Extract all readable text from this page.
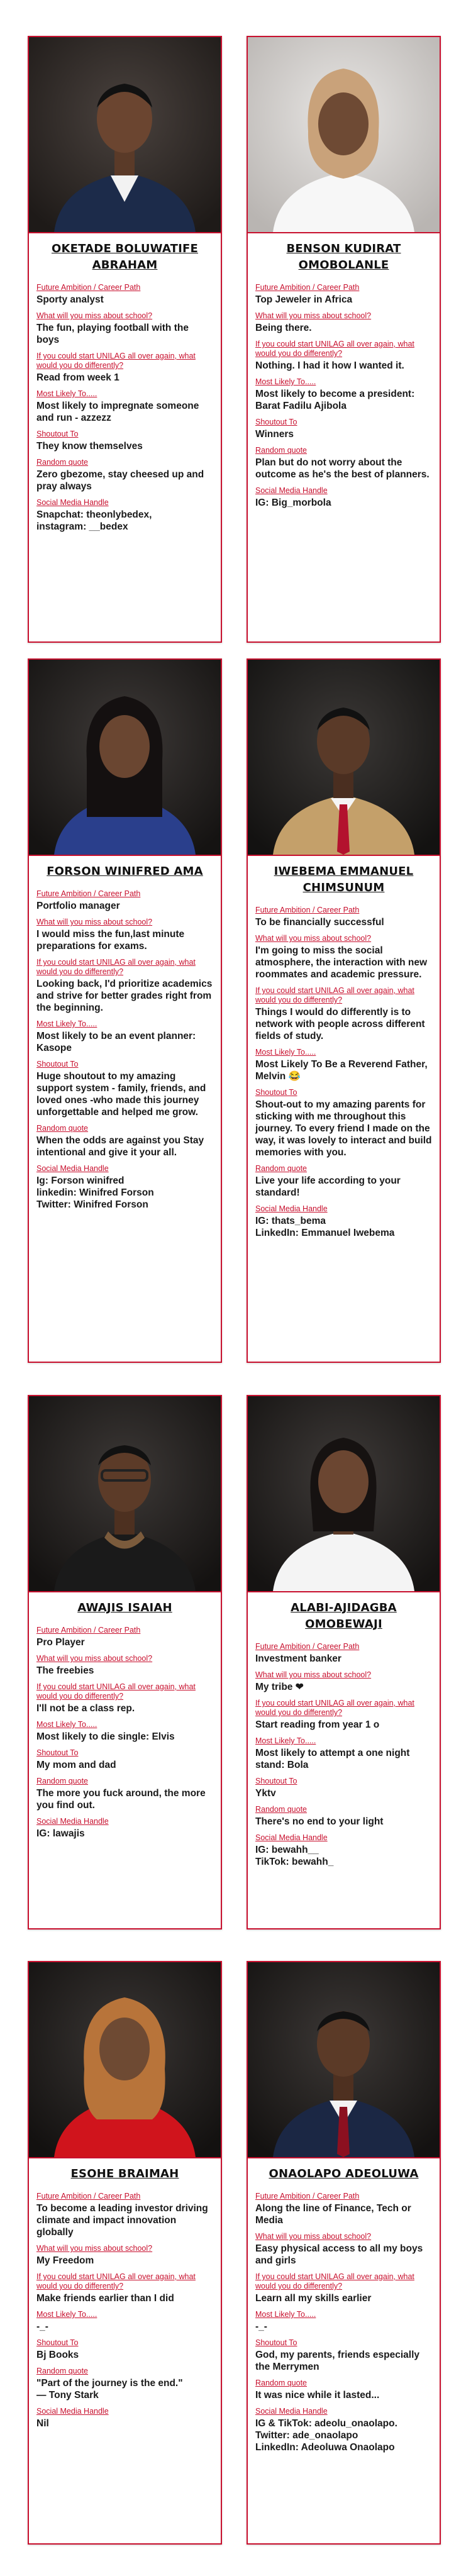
OKETADE BOLUWATIFE ABRAHAM
Future Ambition / Career Path
Sporty analyst
What will you miss about school?
The fun, playing football with the boys
If you could start UNILAG all over again, what would you do differently?
Read from week 1
Most Likely To.....
Most likely to impregnate someone and run - azzezz
Shoutout To
They know themselves
Random quote
Zero gbezome, stay cheesed up and pray always
Social Media Handle
Snapchat: theonlybedex,
instagram: __bedex
BENSON KUDIRAT OMOBOLANLE
Future Ambition / Career Path
Top Jeweler in Africa
What will you miss about school?
Being there.
If you could start UNILAG all over again, what would you do differently?
Nothing. I had it how I wanted it.
Most Likely To.....
Most likely to become a president: Barat Fadilu Ajibola
Shoutout To
Winners
Random quote
Plan but do not worry about the outcome as he's the best of planners.
Social Media Handle
IG: Big_morbola
FORSON WINIFRED AMA
Future Ambition / Career Path
Portfolio manager
What will you miss about school?
I would miss the fun,last minute preparations for exams.
If you could start UNILAG all over again, what would you do differently?
Looking back, I'd prioritize academics and strive for better grades right from the beginning.
Most Likely To.....
Most likely to be an event planner: Kasope
Shoutout To
Huge shoutout to my amazing support system - family, friends, and loved ones -who made this journey unforgettable and helped me grow.
Random quote
When the odds are against you Stay intentional and give it your all.
Social Media Handle
Ig: Forson winifred
linkedin: Winifred Forson
Twitter: Winifred Forson
IWEBEMA EMMANUEL CHIMSUNUM
Future Ambition / Career Path
To be financially successful
What will you miss about school?
I'm going to miss the social atmosphere, the interaction with new roommates and academic pressure.
If you could start UNILAG all over again, what would you do differently?
Things I would do differently is to network with people across different fields of study.
Most Likely To.....
Most Likely To Be a Reverend Father, Melvin 😂
Shoutout To
Shout-out to my amazing parents for sticking with me throughout this journey. To every friend I made on the way, it was lovely to interact and build memories with you.
Random quote
Live your life according to your standard!
Social Media Handle
IG: thats_bema
LinkedIn: Emmanuel Iwebema
AWAJIS ISAIAH
Future Ambition / Career Path
Pro Player
What will you miss about school?
The freebies
If you could start UNILAG all over again, what would you do differently?
I'll not be a class rep.
Most Likely To.....
Most likely to die single: Elvis
Shoutout To
My mom and dad
Random quote
The more you fuck around, the more you find out.
Social Media Handle
IG: lawajis
ALABI-AJIDAGBA OMOBEWAJI
Future Ambition / Career Path
Investment banker
What will you miss about school?
My tribe ❤
If you could start UNILAG all over again, what would you do differently?
Start reading from year 1 o
Most Likely To.....
Most likely to attempt a one night stand: Bola
Shoutout To
Yktv
Random quote
There's no end to your light
Social Media Handle
IG: bewahh__
TikTok: bewahh_
ESOHE BRAIMAH
Future Ambition / Career Path
To become a leading investor driving climate and impact innovation globally
What will you miss about school?
My Freedom
If you could start UNILAG all over again, what would you do differently?
Make friends earlier than I did
Most Likely To.....
-_-
Shoutout To
Bj Books
Random quote
"Part of the journey is the end."
— Tony Stark
Social Media Handle
Nil
ONAOLAPO ADEOLUWA
Future Ambition / Career Path
Along the line of Finance, Tech or Media
What will you miss about school?
Easy physical access to all my boys and girls
If you could start UNILAG all over again, what would you do differently?
Learn all my skills earlier
Most Likely To.....
-_-
Shoutout To
God, my parents, friends especially the Merrymen
Random quote
It was nice while it lasted...
Social Media Handle
IG & TikTok: adeolu_onaolapo.
Twitter: ade_onaolapo
LinkedIn: Adeoluwa Onaolapo
